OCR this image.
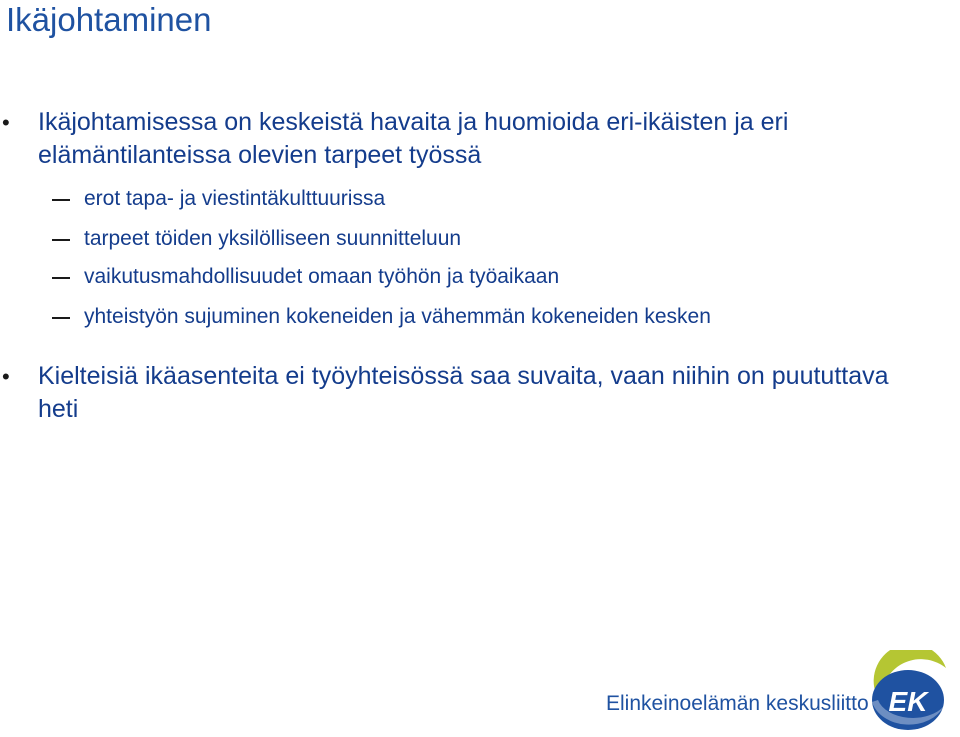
Ikäjohtaminen
• Ikäjohtamisessa on keskeistä havaita ja huomioida eri-ikäisten ja eri elämäntilanteissa olevien tarpeet työssä
erot tapa- ja viestintäkulttuurissa
tarpeet töiden yksilölliseen suunnitteluun
vaikutusmahdollisuudet omaan työhön ja työaikaan
yhteistyön sujuminen kokeneiden ja vähemmän kokeneiden kesken
• Kielteisiä ikäasenteita ei työyhteisössä saa suvaita, vaan niihin on puututtava heti
Elinkeinoelämän keskusliitto EK
